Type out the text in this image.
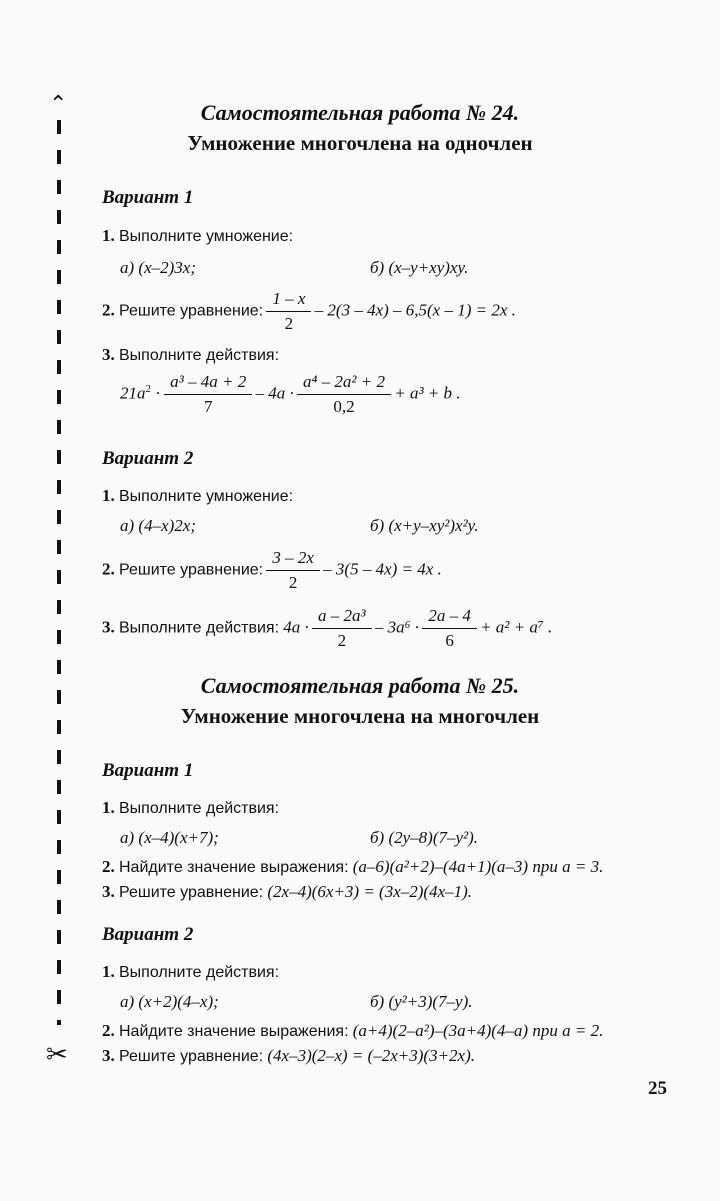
⌃
✂
Самостоятельная работа № 24.
Умножение многочлена на одночлен
Вариант 1
1. Выполните умножение:
а) (x–2)3x;	б) (x–y+xy)xy.
2. Решите уравнение: $\frac{1 - x}{2} - 2(3 - 4x) - 6,5(x - 1) = 2x$ .
3. Выполните действия:
$21a^2 \cdot \frac{\text{a³ – 4a + 2}}{7} - 4a \cdot \frac{\text{a⁴ – 2a² + 2}}{0,2} + a^3 + b$ .
Вариант 2
1. Выполните умножение:
а) (4–x)2x;	б) (x+y–xy²)x²y.
2. Решите уравнение: $\frac{3 - 2x}{2} - 3(5 - 4x) = 4x$ .
3. Выполните действия: $4a \cdot \frac{\text{a – 2a³}}{2} - 3a^6 \cdot \frac{2a - 4}{6} + a^2 + a^7$ .
Самостоятельная работа № 25.
Умножение многочлена на многочлен
Вариант 1
1. Выполните действия:
а) (x–4)(x+7);	б) (2y–8)(7–y²).
2. Найдите значение выражения: (a–6)(a²+2)–(4a+1)(a–3) при a = 3.
3. Решите уравнение: (2x–4)(6x+3) = (3x–2)(4x–1).
Вариант 2
1. Выполните действия:
а) (x+2)(4–x);	б) (y²+3)(7–y).
2. Найдите значение выражения: (a+4)(2–a²)–(3a+4)(4–a) при a = 2.
3. Решите уравнение: (4x–3)(2–x) = (–2x+3)(3+2x).
25
